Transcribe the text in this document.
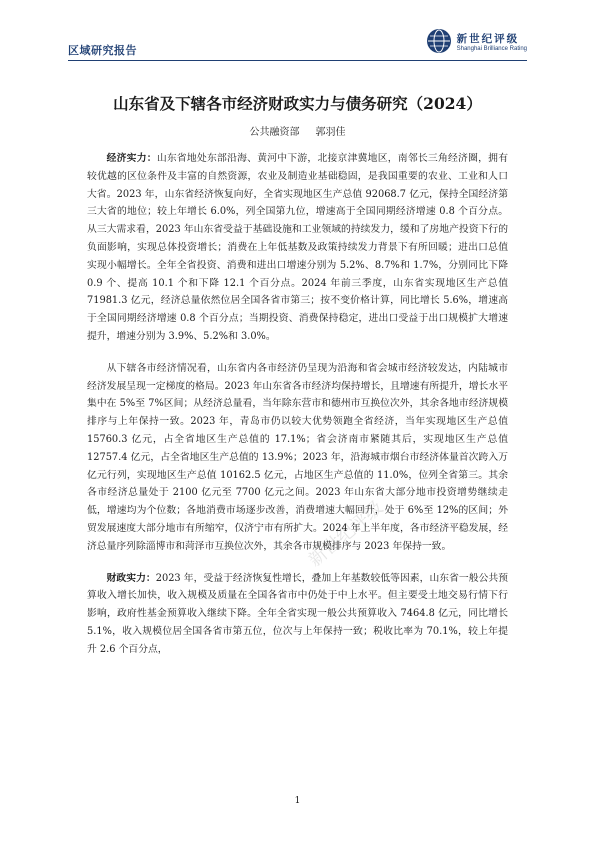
区域研究报告
新世纪评级
Shanghai Brilliance Rating
山东省及下辖各市经济财政实力与债务研究（2024）
公共融资部 郭羽佳
新世纪评级

经济实力：山东省地处东部沿海、黄河中下游，北接京津冀地区，南邻长三角经济圈，拥有较优越的区位条件及丰富的自然资源，农业及制造业基础稳固，是我国重要的农业、工业和人口大省。2023 年，山东省经济恢复向好，全省实现地区生产总值 92068.7 亿元，保持全国经济第三大省的地位；较上年增长 6.0%，列全国第九位，增速高于全国同期经济增速 0.8 个百分点。从三大需求看，2023 年山东省受益于基础设施和工业领域的持续发力，缓和了房地产投资下行的负面影响，实现总体投资增长；消费在上年低基数及政策持续发力背景下有所回暖；进出口总值实现小幅增长。全年全省投资、消费和进出口增速分别为 5.2%、8.7%和 1.7%，分别同比下降 0.9 个、提高 10.1 个和下降 12.1 个百分点。2024 年前三季度，山东省实现地区生产总值 71981.3 亿元，经济总量依然位居全国各省市第三；按不变价格计算，同比增长 5.6%，增速高于全国同期经济增速 0.8 个百分点；当期投资、消费保持稳定，进出口受益于出口规模扩大增速提升，增速分别为 3.9%、5.2%和 3.0%。

从下辖各市经济情况看，山东省内各市经济仍呈现为沿海和省会城市经济较发达，内陆城市经济发展呈现一定梯度的格局。2023 年山东省各市经济均保持增长，且增速有所提升，增长水平集中在 5%至 7%区间；从经济总量看，当年除东营市和德州市互换位次外，其余各地市经济规模排序与上年保持一致。2023 年，青岛市仍以较大优势领跑全省经济，当年实现地区生产总值 15760.3 亿元，占全省地区生产总值的 17.1%；省会济南市紧随其后，实现地区生产总值 12757.4 亿元，占全省地区生产总值的 13.9%；2023 年，沿海城市烟台市经济体量首次跨入万亿元行列，实现地区生产总值 10162.5 亿元，占地区生产总值的 11.0%，位列全省第三。其余各市经济总量处于 2100 亿元至 7700 亿元之间。2023 年山东省大部分地市投资增势继续走低，增速均为个位数；各地消费市场逐步改善，消费增速大幅回升，处于 6%至 12%的区间；外贸发展速度大部分地市有所缩窄，仅济宁市有所扩大。2024 年上半年度，各市经济平稳发展，经济总量序列除淄博市和菏泽市互换位次外，其余各市规模排序与 2023 年保持一致。

财政实力：2023 年，受益于经济恢复性增长，叠加上年基数较低等因素，山东省一般公共预算收入增长加快，收入规模及质量在全国各省市中仍处于中上水平。但主要受土地交易行情下行影响，政府性基金预算收入继续下降。全年全省实现一般公共预算收入 7464.8 亿元，同比增长 5.1%，收入规模位居全国各省市第五位，位次与上年保持一致；税收比率为 70.1%，较上年提升 2.6 个百分点，

1
